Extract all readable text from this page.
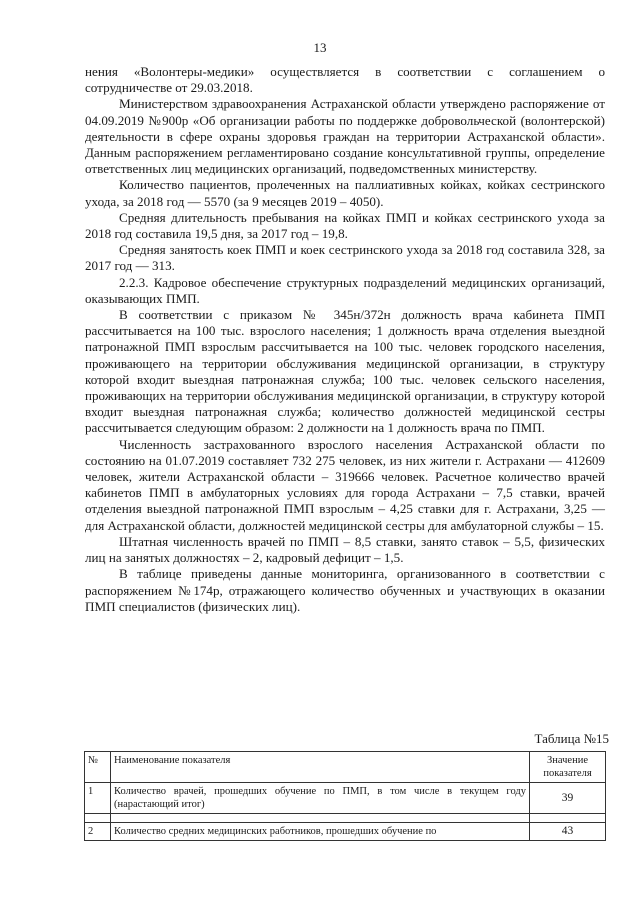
13

нения «Волонтеры-медики» осуществляется в соответствии с соглашением о сотрудничестве от 29.03.2018.

Министерством здравоохранения Астраханской области утверждено распоряжение от 04.09.2019 №900р «Об организации работы по поддержке добровольческой (волонтерской) деятельности в сфере охраны здоровья граждан на территории Астраханской области». Данным распоряжением регламентировано создание консультативной группы, определение ответственных лиц медицинских организаций, подведомственных министерству.

Количество пациентов, пролеченных на паллиативных койках, койках сестринского ухода, за 2018 год — 5570 (за 9 месяцев 2019 – 4050).

Средняя длительность пребывания на койках ПМП и койках сестринского ухода за 2018 год составила 19,5 дня, за 2017 год – 19,8.

Средняя занятость коек ПМП и коек сестринского ухода за 2018 год составила 328, за 2017 год — 313.

2.2.3. Кадровое обеспечение структурных подразделений медицинских организаций, оказывающих ПМП.

В соответствии с приказом № 345н/372н должность врача кабинета ПМП рассчитывается на 100 тыс. взрослого населения; 1 должность врача отделения выездной патронажной ПМП взрослым рассчитывается на 100 тыс. человек городского населения, проживающего на территории обслуживания медицинской организации, в структуру которой входит выездная патронажная служба; 100 тыс. человек сельского населения, проживающих на территории обслуживания медицинской организации, в структуру которой входит выездная патронажная служба; количество должностей медицинской сестры рассчитывается следующим образом: 2 должности на 1 должность врача по ПМП.

Численность застрахованного взрослого населения Астраханской области по состоянию на 01.07.2019 составляет 732 275 человек, из них жители г. Астрахани — 412609 человек, жители Астраханской области – 319666 человек. Расчетное количество врачей кабинетов ПМП в амбулаторных условиях для города Астрахани – 7,5 ставки, врачей отделения выездной патронажной ПМП взрослым – 4,25 ставки для г. Астрахани, 3,25 — для Астраханской области, должностей медицинской сестры для амбулаторной службы – 15.

Штатная численность врачей по ПМП – 8,5 ставки, занято ставок – 5,5, физических лиц на занятых должностях – 2, кадровый дефицит – 1,5.

В таблице приведены данные мониторинга, организованного в соответствии с распоряжением №174р, отражающего количество обученных и участвующих в оказании ПМП специалистов (физических лиц).

Таблица №15
№	Наименование показателя	Значение показателя
1	Количество врачей, прошедших обучение по ПМП, в том числе в текущем году (нарастающий итог)	39

2	Количество средних медицинских работников, прошедших обучение по	43
